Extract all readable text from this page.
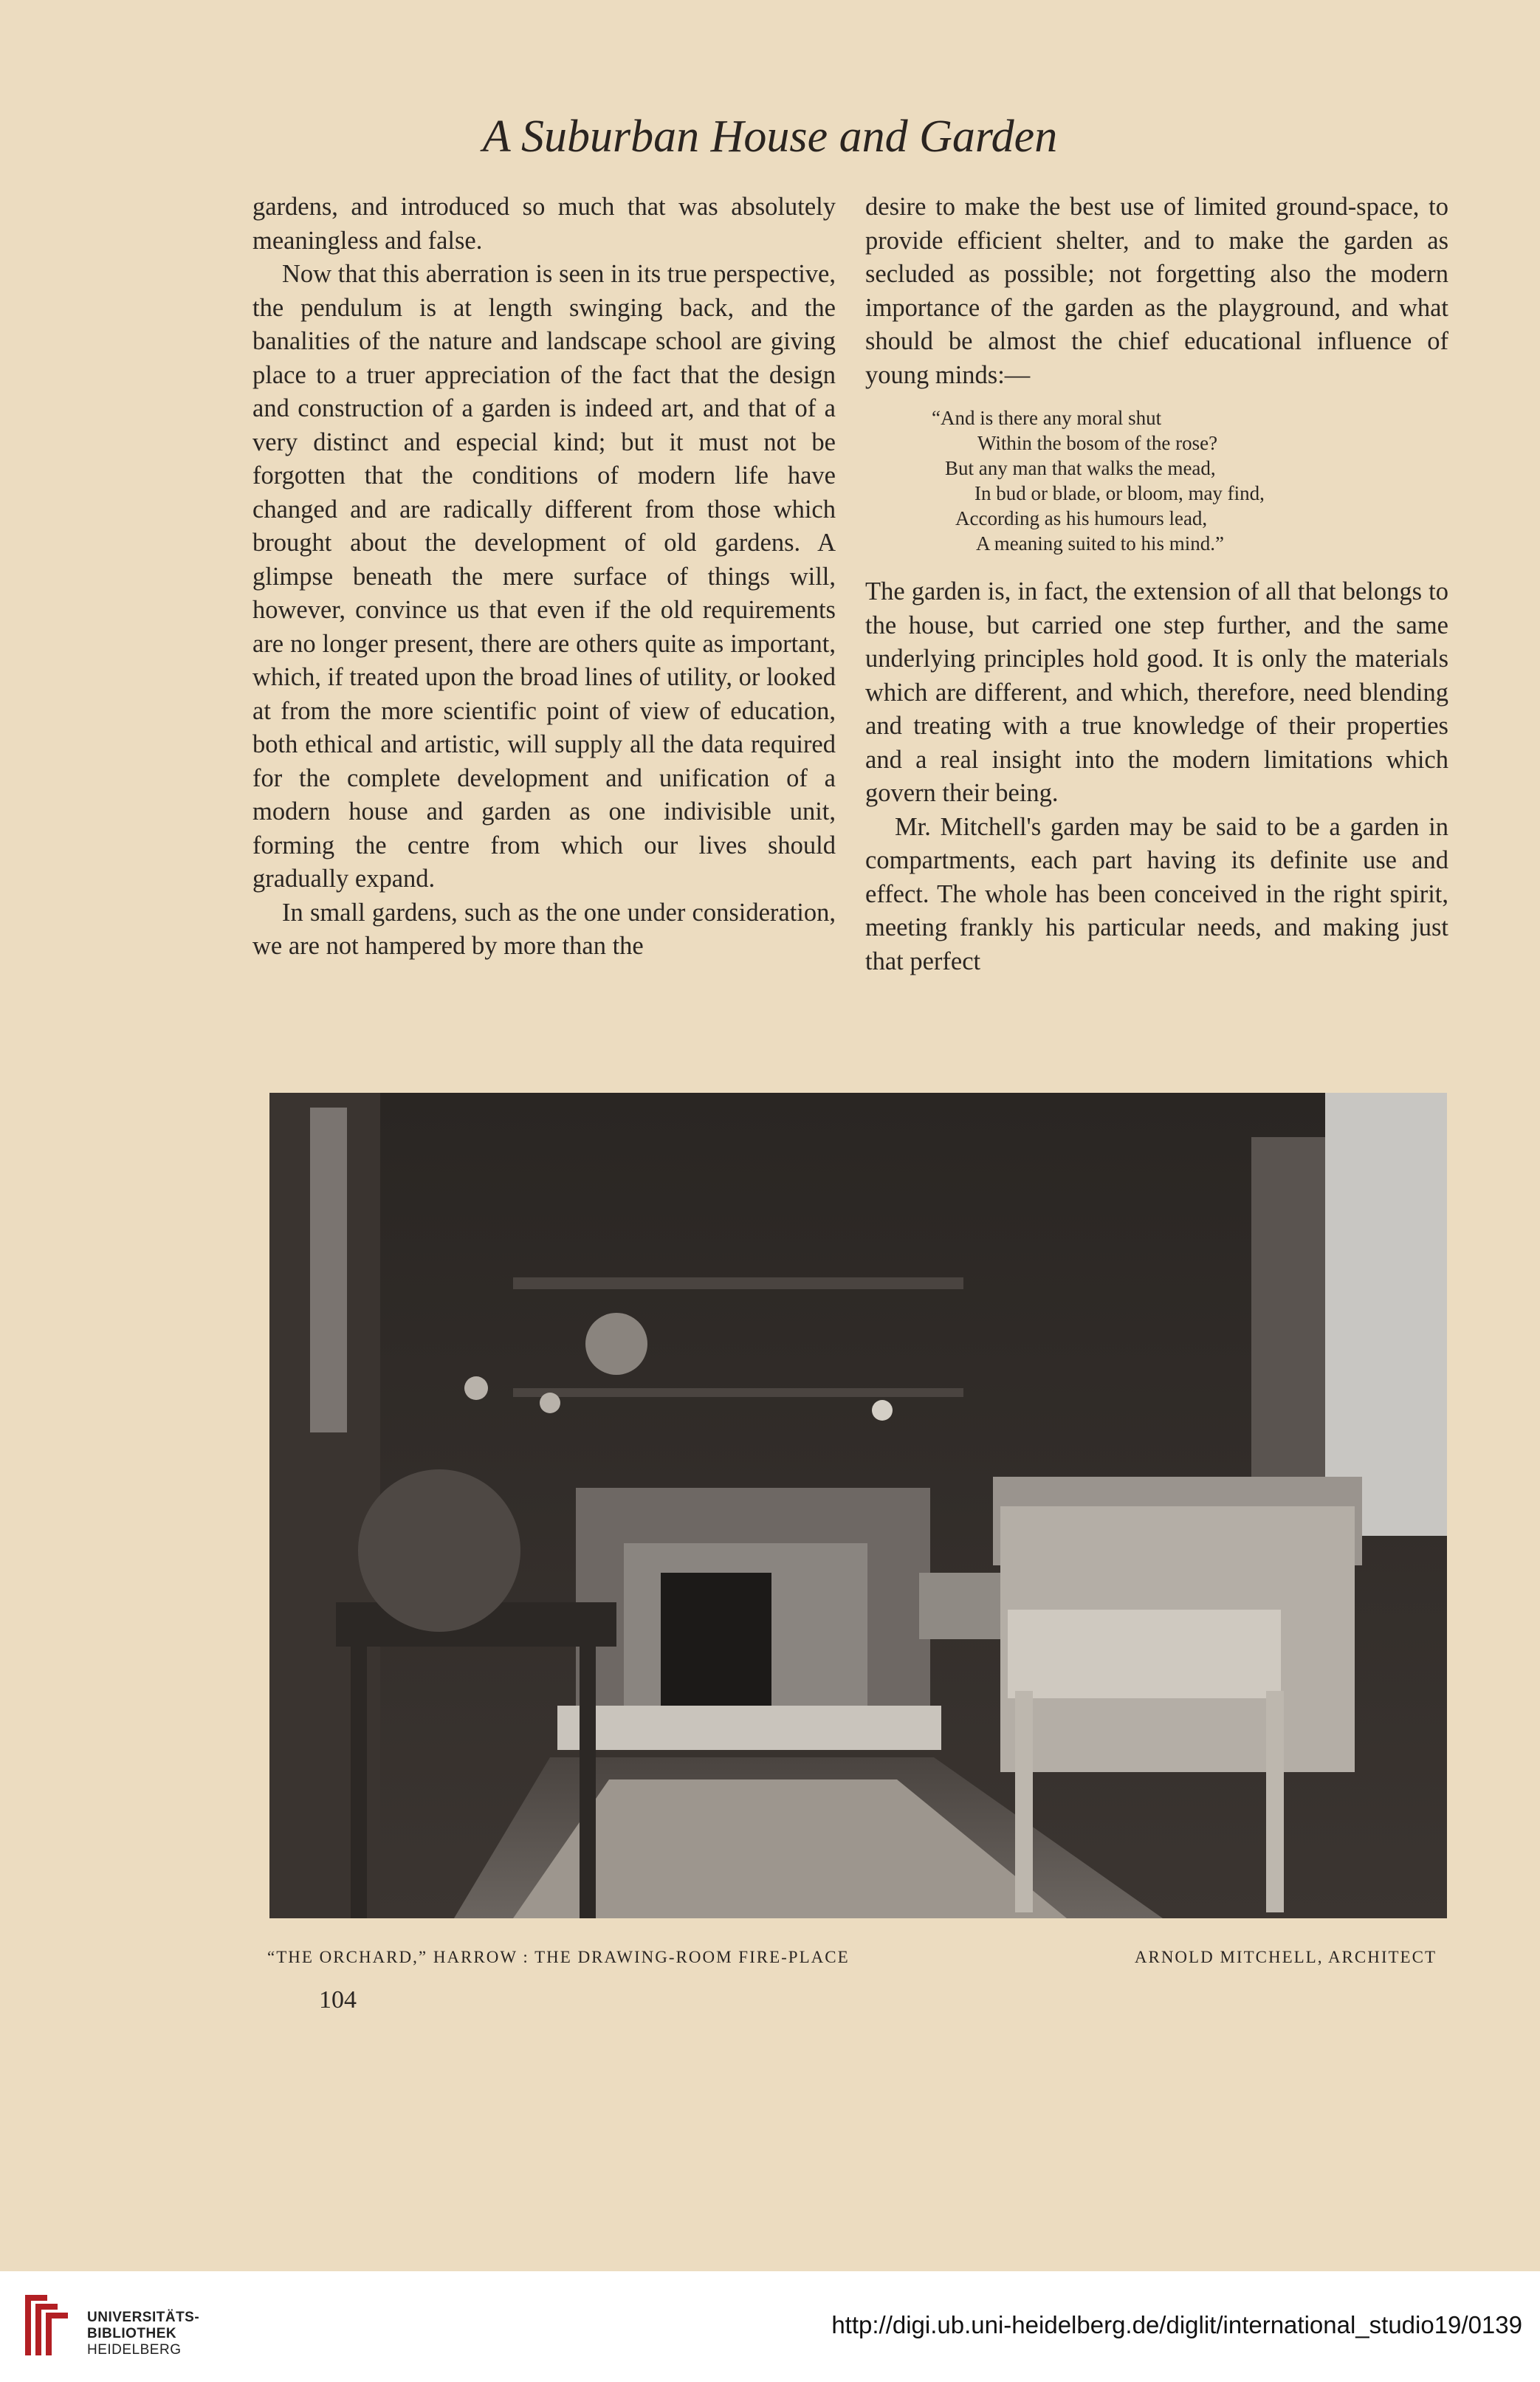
A Suburban House and Garden

gardens, and introduced so much that was absolutely meaningless and false.

Now that this aberration is seen in its true perspective, the pendulum is at length swinging back, and the banalities of the nature and landscape school are giving place to a truer appreciation of the fact that the design and construction of a garden is indeed art, and that of a very distinct and especial kind; but it must not be forgotten that the conditions of modern life have changed and are radically different from those which brought about the development of old gardens. A glimpse beneath the mere surface of things will, however, convince us that even if the old requirements are no longer present, there are others quite as important, which, if treated upon the broad lines of utility, or looked at from the more scientific point of view of education, both ethical and artistic, will supply all the data required for the complete development and unification of a modern house and garden as one indivisible unit, forming the centre from which our lives should gradually expand.

In small gardens, such as the one under consideration, we are not hampered by more than the

desire to make the best use of limited ground-space, to provide efficient shelter, and to make the garden as secluded as possible; not forgetting also the modern importance of the garden as the playground, and what should be almost the chief educational influence of young minds:—

“And is there any moral shut
Within the bosom of the rose?
But any man that walks the mead,
In bud or blade, or bloom, may find,
According as his humours lead,
A meaning suited to his mind.”

The garden is, in fact, the extension of all that belongs to the house, but carried one step further, and the same underlying principles hold good. It is only the materials which are different, and which, therefore, need blending and treating with a true knowledge of their properties and a real insight into the modern limitations which govern their being.

Mr. Mitchell's garden may be said to be a garden in compartments, each part having its definite use and effect. The whole has been conceived in the right spirit, meeting frankly his particular needs, and making just that perfect

“THE ORCHARD,” HARROW : THE DRAWING-ROOM FIRE-PLACE	ARNOLD MITCHELL, ARCHITECT
104
UNIVERSITÄTS-
BIBLIOTHEK
HEIDELBERG
http://digi.ub.uni-heidelberg.de/diglit/international_studio19/0139
